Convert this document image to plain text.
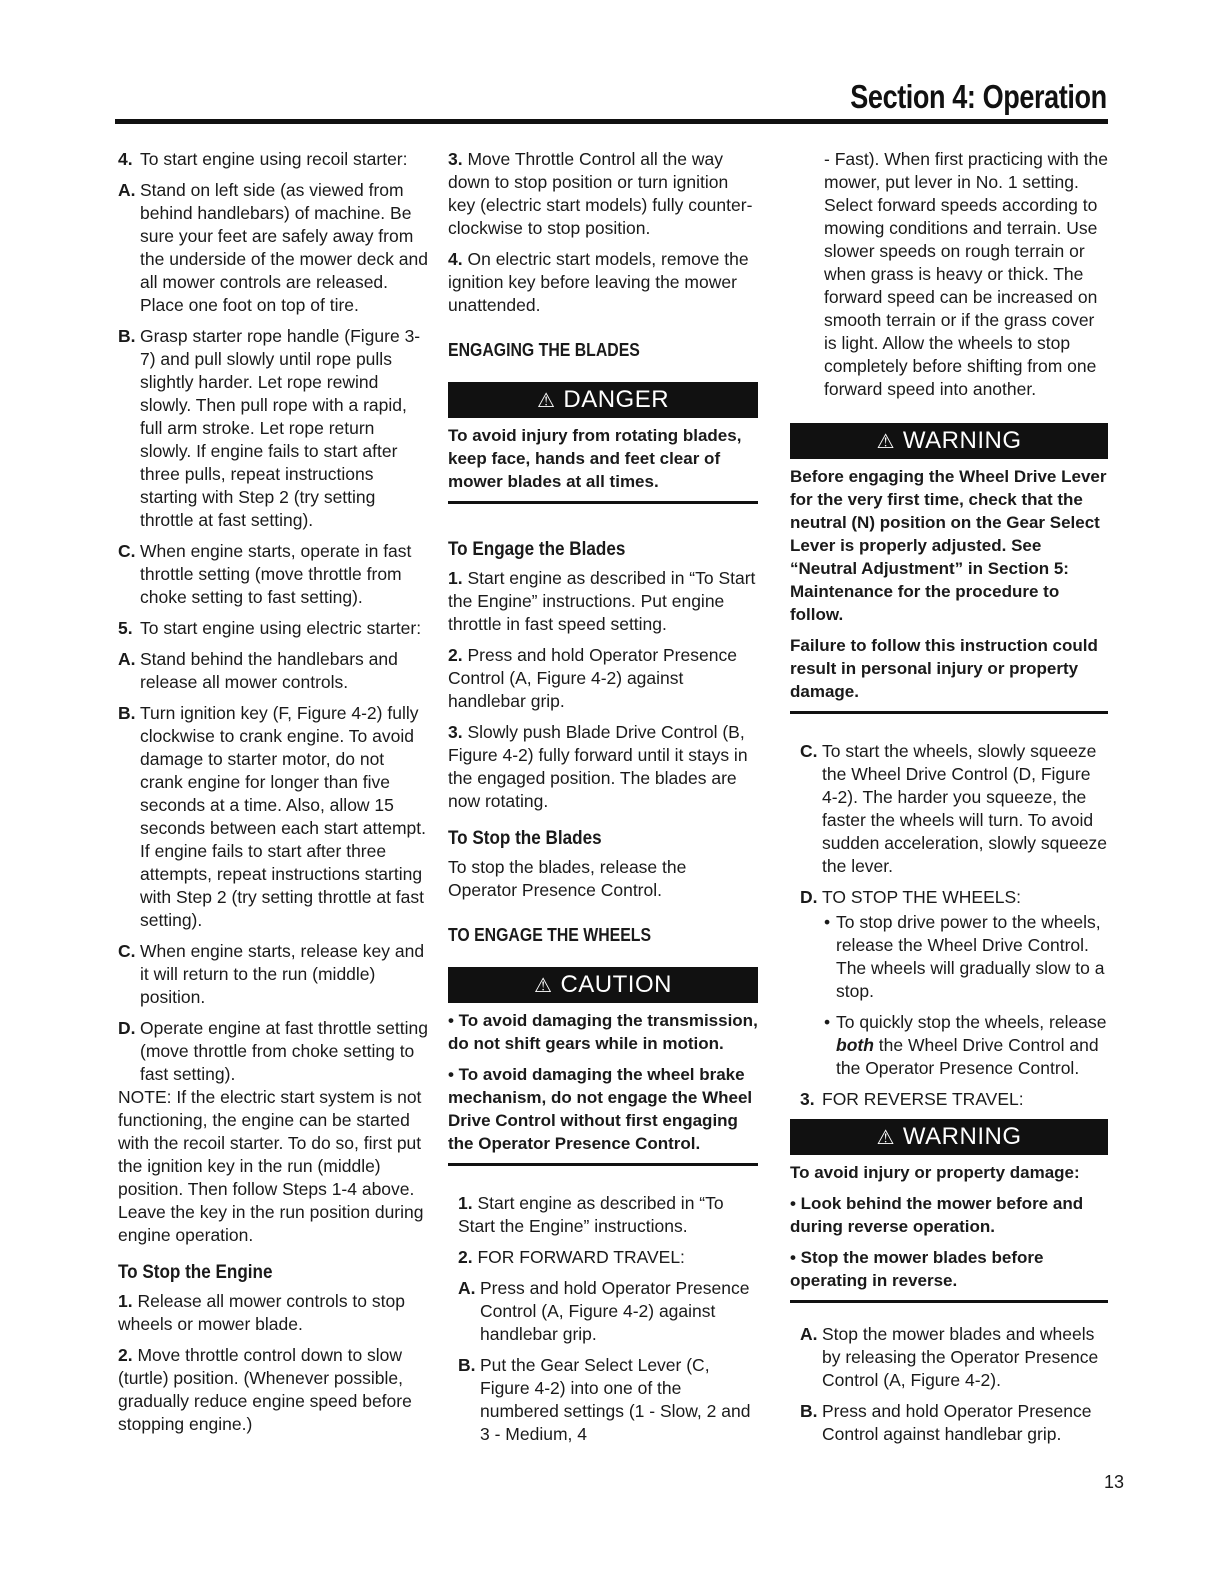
Section 4: Operation
4. To start engine using recoil starter:
A. Stand on left side (as viewed from behind handlebars) of machine. Be sure your feet are safely away from the underside of the mower deck and all mower controls are released. Place one foot on top of tire.
B. Grasp starter rope handle (Figure 3-7) and pull slowly until rope pulls slightly harder. Let rope rewind slowly. Then pull rope with a rapid, full arm stroke. Let rope return slowly. If engine fails to start after three pulls, repeat instructions starting with Step 2 (try setting throttle at fast setting).
C. When engine starts, operate in fast throttle setting (move throttle from choke setting to fast setting).
5. To start engine using electric starter:
A. Stand behind the handlebars and release all mower controls.
B. Turn ignition key (F, Figure 4-2) fully clockwise to crank engine. To avoid damage to starter motor, do not crank engine for longer than five seconds at a time. Also, allow 15 seconds between each start attempt. If engine fails to start after three attempts, repeat instructions starting with Step 2 (try setting throttle at fast setting).
C. When engine starts, release key and it will return to the run (middle) position.
D. Operate engine at fast throttle setting (move throttle from choke setting to fast setting).

NOTE: If the electric start system is not functioning, the engine can be started with the recoil starter. To do so, first put the ignition key in the run (middle) position. Then follow Steps 1-4 above. Leave the key in the run position during engine operation.

To Stop the Engine
1. Release all mower controls to stop wheels or mower blade.
2. Move throttle control down to slow (turtle) position. (Whenever possible, gradually reduce engine speed before stopping engine.)
3. Move Throttle Control all the way down to stop position or turn ignition key (electric start models) fully counter-clockwise to stop position.
4. On electric start models, remove the ignition key before leaving the mower unattended.
ENGAGING THE BLADES
⚠ DANGER
To avoid injury from rotating blades, keep face, hands and feet clear of mower blades at all times.
To Engage the Blades
1. Start engine as described in “To Start the Engine” instructions. Put engine throttle in fast speed setting.
2. Press and hold Operator Presence Control (A, Figure 4-2) against handlebar grip.
3. Slowly push Blade Drive Control (B, Figure 4-2) fully forward until it stays in the engaged position. The blades are now rotating.
To Stop the Blades

To stop the blades, release the Operator Presence Control.

TO ENGAGE THE WHEELS
⚠ CAUTION
• To avoid damaging the transmission, do not shift gears while in motion.
• To avoid damaging the wheel brake mechanism, do not engage the Wheel Drive Control without first engaging the Operator Presence Control.
1. Start engine as described in “To Start the Engine” instructions.
2. FOR FORWARD TRAVEL:
A. Press and hold Operator Presence Control (A, Figure 4-2) against handlebar grip.
B. Put the Gear Select Lever (C, Figure 4-2) into one of the numbered settings (1 - Slow, 2 and 3 - Medium, 4

- Fast). When first practicing with the mower, put lever in No. 1 setting. Select forward speeds according to mowing conditions and terrain. Use slower speeds on rough terrain or when grass is heavy or thick. The forward speed can be increased on smooth terrain or if the grass cover is light. Allow the wheels to stop completely before shifting from one forward speed into another.

⚠ WARNING
Before engaging the Wheel Drive Lever for the very first time, check that the neutral (N) position on the Gear Select Lever is properly adjusted. See “Neutral Adjustment” in Section 5: Maintenance for the procedure to follow.
Failure to follow this instruction could result in personal injury or property damage.
C. To start the wheels, slowly squeeze the Wheel Drive Control (D, Figure 4-2). The harder you squeeze, the faster the wheels will turn. To avoid sudden acceleration, slowly squeeze the lever.
D. TO STOP THE WHEELS:
• To stop drive power to the wheels, release the Wheel Drive Control. The wheels will gradually slow to a stop.
• To quickly stop the wheels, release both the Wheel Drive Control and the Operator Presence Control.
3. FOR REVERSE TRAVEL:
⚠ WARNING
To avoid injury or property damage:
• Look behind the mower before and during reverse operation.
• Stop the mower blades before operating in reverse.
A. Stop the mower blades and wheels by releasing the Operator Presence Control (A, Figure 4-2).
B. Press and hold Operator Presence Control against handlebar grip.
13
